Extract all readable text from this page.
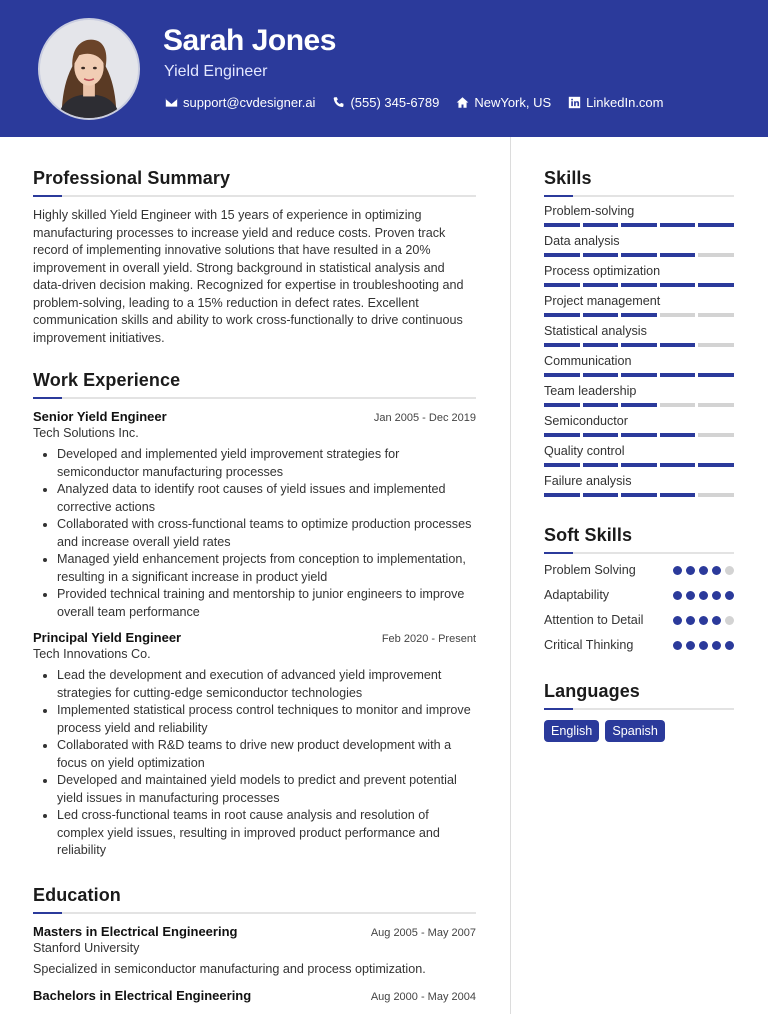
Sarah Jones
Yield Engineer
support@cvdesigner.ai	(555) 345-6789	NewYork, US	LinkedIn.com
Professional Summary

Highly skilled Yield Engineer with 15 years of experience in optimizing manufacturing processes to increase yield and reduce costs. Proven track record of implementing innovative solutions that have resulted in a 20% improvement in overall yield. Strong background in statistical analysis and data-driven decision making. Recognized for expertise in troubleshooting and problem-solving, leading to a 15% reduction in defect rates. Excellent communication skills and ability to work cross-functionally to drive continuous improvement initiatives.

Work Experience
Senior Yield Engineer	Jan 2005 - Dec 2019
Tech Solutions Inc.
Developed and implemented yield improvement strategies for semiconductor manufacturing processes
Analyzed data to identify root causes of yield issues and implemented corrective actions
Collaborated with cross-functional teams to optimize production processes and increase overall yield rates
Managed yield enhancement projects from conception to implementation, resulting in a significant increase in product yield
Provided technical training and mentorship to junior engineers to improve overall team performance
Principal Yield Engineer	Feb 2020 - Present
Tech Innovations Co.
Lead the development and execution of advanced yield improvement strategies for cutting-edge semiconductor technologies
Implemented statistical process control techniques to monitor and improve process yield and reliability
Collaborated with R&D teams to drive new product development with a focus on yield optimization
Developed and maintained yield models to predict and prevent potential yield issues in manufacturing processes
Led cross-functional teams in root cause analysis and resolution of complex yield issues, resulting in improved product performance and reliability
Education
Masters in Electrical Engineering	Aug 2005 - May 2007
Stanford University
Specialized in semiconductor manufacturing and process optimization.
Bachelors in Electrical Engineering	Aug 2000 - May 2004
Skills
Problem-solving
Data analysis
Process optimization
Project management
Statistical analysis
Communication
Team leadership
Semiconductor
Quality control
Failure analysis
Soft Skills
Problem Solving
Adaptability
Attention to Detail
Critical Thinking
Languages
English	Spanish
